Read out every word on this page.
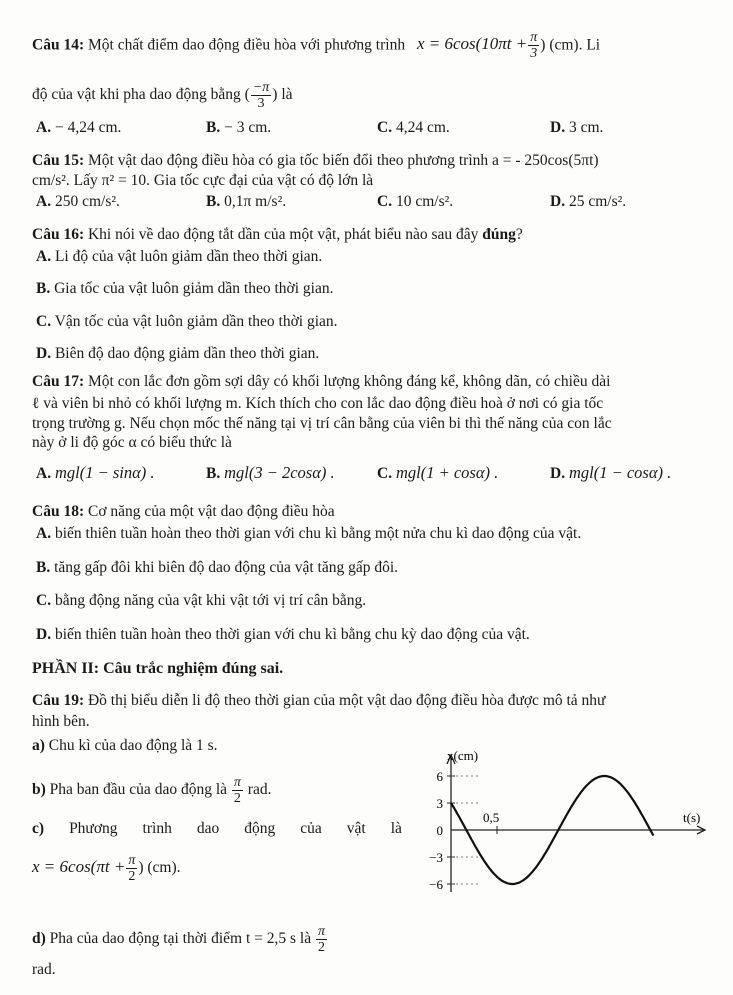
Câu 14: Một chất điểm dao động điều hòa với phương trình $x = 6\cos(10\pi t + \frac{\pi}{3}$ ) (cm). Li
độ của vật khi pha dao động bằng ( $\frac{-\pi}{3}$ ) là
A. − 4,24 cm.	B. − 3 cm.	C. 4,24 cm.	D. 3 cm.
Câu 15: Một vật dao động điều hòa có gia tốc biến đổi theo phương trình a = - 250cos(5πt)
cm/s². Lấy π² = 10. Gia tốc cực đại của vật có độ lớn là
A. 250 cm/s².	B. 0,1π m/s².	C. 10 cm/s².	D. 25 cm/s².
Câu 16: Khi nói về dao động tắt dần của một vật, phát biểu nào sau đây đúng?
A. Li độ của vật luôn giảm dần theo thời gian.
B. Gia tốc của vật luôn giảm dần theo thời gian.
C. Vận tốc của vật luôn giảm dần theo thời gian.
D. Biên độ dao động giảm dần theo thời gian.
Câu 17: Một con lắc đơn gồm sợi dây có khối lượng không đáng kể, không dãn, có chiều dài
ℓ và viên bi nhỏ có khối lượng m. Kích thích cho con lắc dao động điều hoà ở nơi có gia tốc
trọng trường g. Nếu chọn mốc thế năng tại vị trí cân bằng của viên bi thì thế năng của con lắc
này ở li độ góc α có biểu thức là
A. mgl(1 − sinα) .	B. mgl(3 − 2cosα) .	C. mgl(1 + cosα) .	D. mgl(1 − cosα) .
Câu 18: Cơ năng của một vật dao động điều hòa
A. biến thiên tuần hoàn theo thời gian với chu kì bằng một nửa chu kì dao động của vật.
B. tăng gấp đôi khi biên độ dao động của vật tăng gấp đôi.
C. bằng động năng của vật khi vật tới vị trí cân bằng.
D. biến thiên tuần hoàn theo thời gian với chu kì bằng chu kỳ dao động của vật.
PHẦN II: Câu trắc nghiệm đúng sai.
Câu 19: Đồ thị biểu diễn li độ theo thời gian của một vật dao động điều hòa được mô tả như
hình bên.
a) Chu kì của dao động là 1 s.
b) Pha ban đầu của dao động là $\frac{\pi}{2}$ rad.
c) Phương trình dao động của vật là
$x = 6\cos(\pi t + \frac{\pi}{2}$ ) (cm).
d) Pha của dao động tại thời điểm t = 2,5 s là $\frac{\pi}{2}$
rad.
6
3
0
−3
−6
0,5
x(cm)
t(s)
